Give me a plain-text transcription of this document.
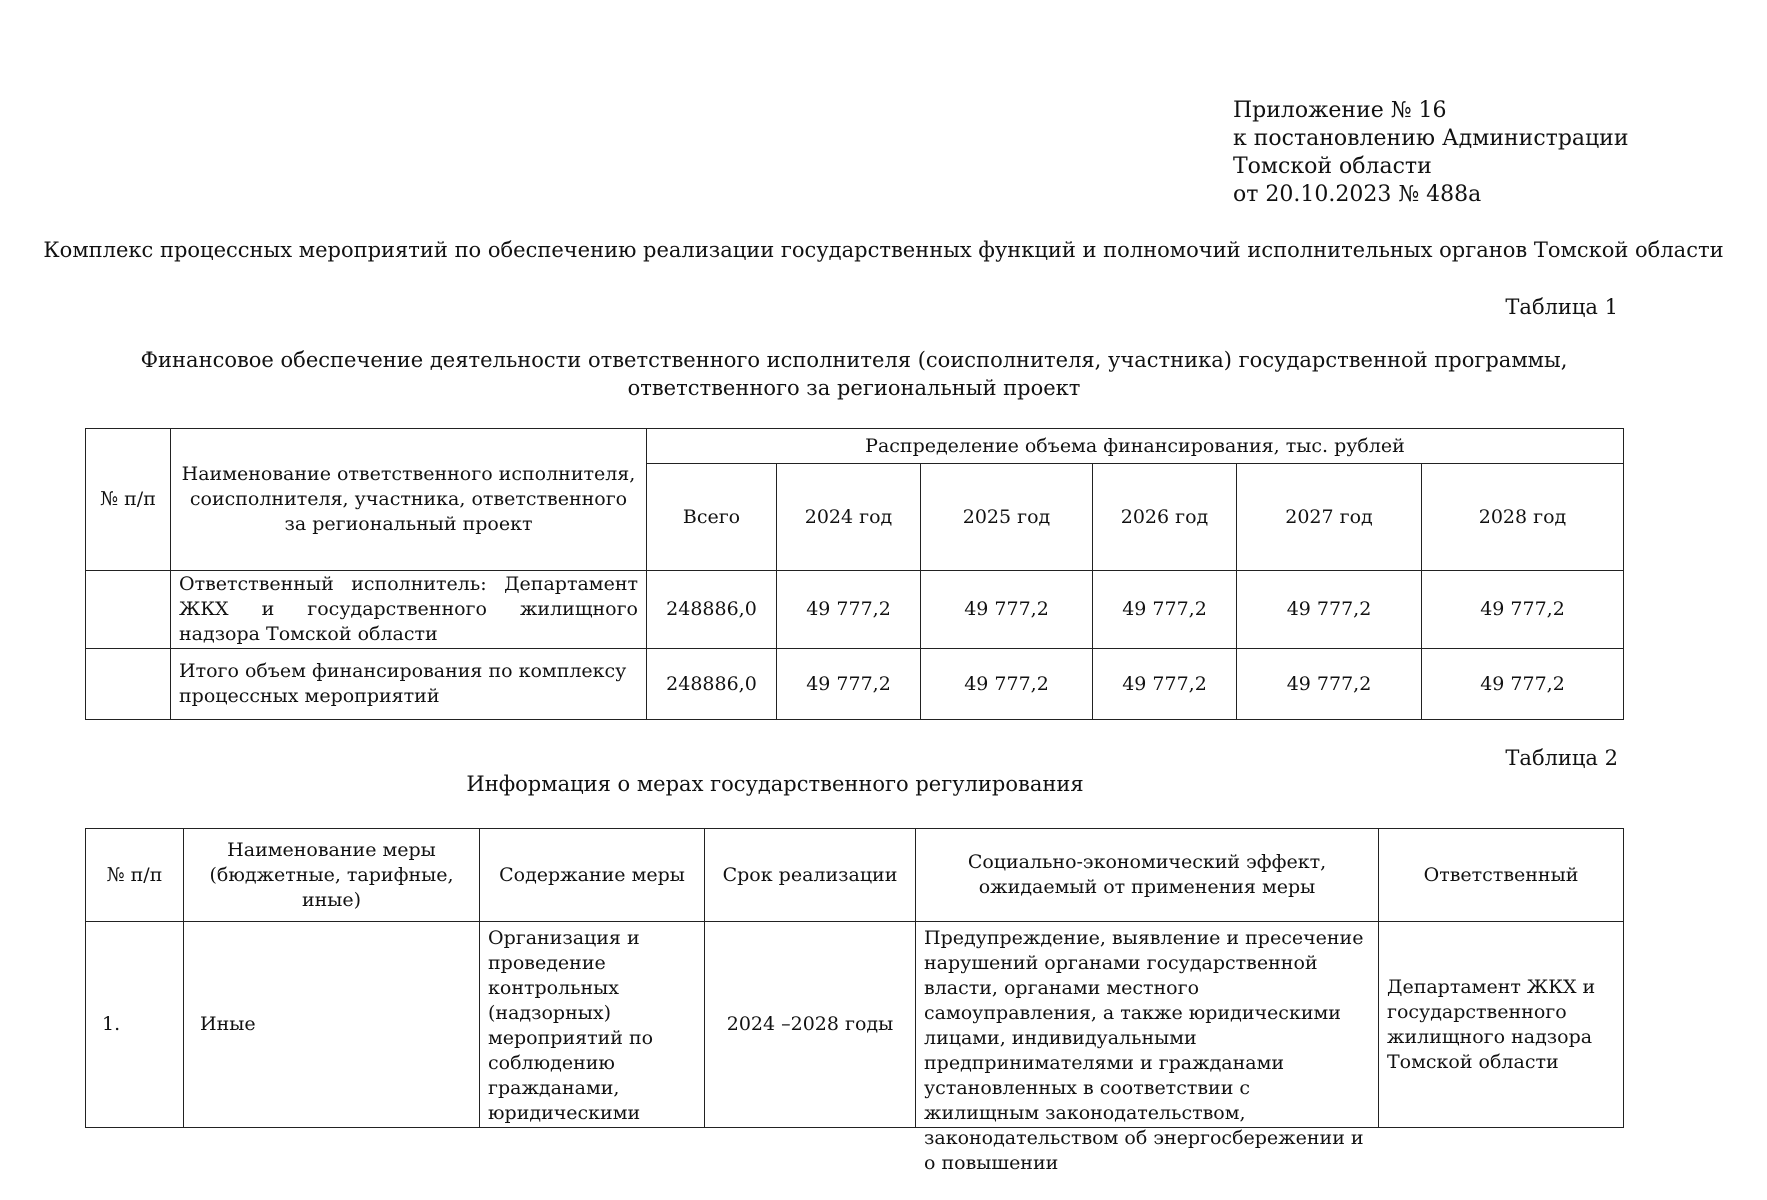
Приложение № 16
к постановлению Администрации
Томской области
от 20.10.2023 № 488а
Комплекс процессных мероприятий по обеспечению реализации государственных функций и полномочий исполнительных органов Томской области
Таблица 1
Финансовое обеспечение деятельности ответственного исполнителя (соисполнителя, участника) государственной программы, ответственного за региональный проект
№ п/п	Наименование ответственного исполнителя, соисполнителя, участника, ответственного за региональный проект	Распределение объема финансирования, тыс. рублей					
		Всего	2024 год	2025 год	2026 год	2027 год	2028 год
	Ответственный исполнитель: Департамент ЖКХ и государственного жилищного надзора Томской области	248886,0	49 777,2	49 777,2	49 777,2	49 777,2	49 777,2
	Итого объем финансирования по комплексу процессных мероприятий	248886,0	49 777,2	49 777,2	49 777,2	49 777,2	49 777,2
Таблица 2
Информация о мерах государственного регулирования
№ п/п	Наименование меры (бюджетные, тарифные, иные)	Содержание меры	Срок реализации	Социально-экономический эффект, ожидаемый от применения меры	Ответственный
1.	Иные	Организация и проведение контрольных (надзорных) мероприятий по соблюдению гражданами, юридическими	2024 –2028 годы	Предупреждение, выявление и пресечение нарушений органами государственной власти, органами местного самоуправления, а также юридическими лицами, индивидуальными предпринимателями и гражданами установленных в соответствии с жилищным законодательством, законодательством об энергосбережении и о повышении	Департамент ЖКХ и государственного жилищного надзора Томской области
